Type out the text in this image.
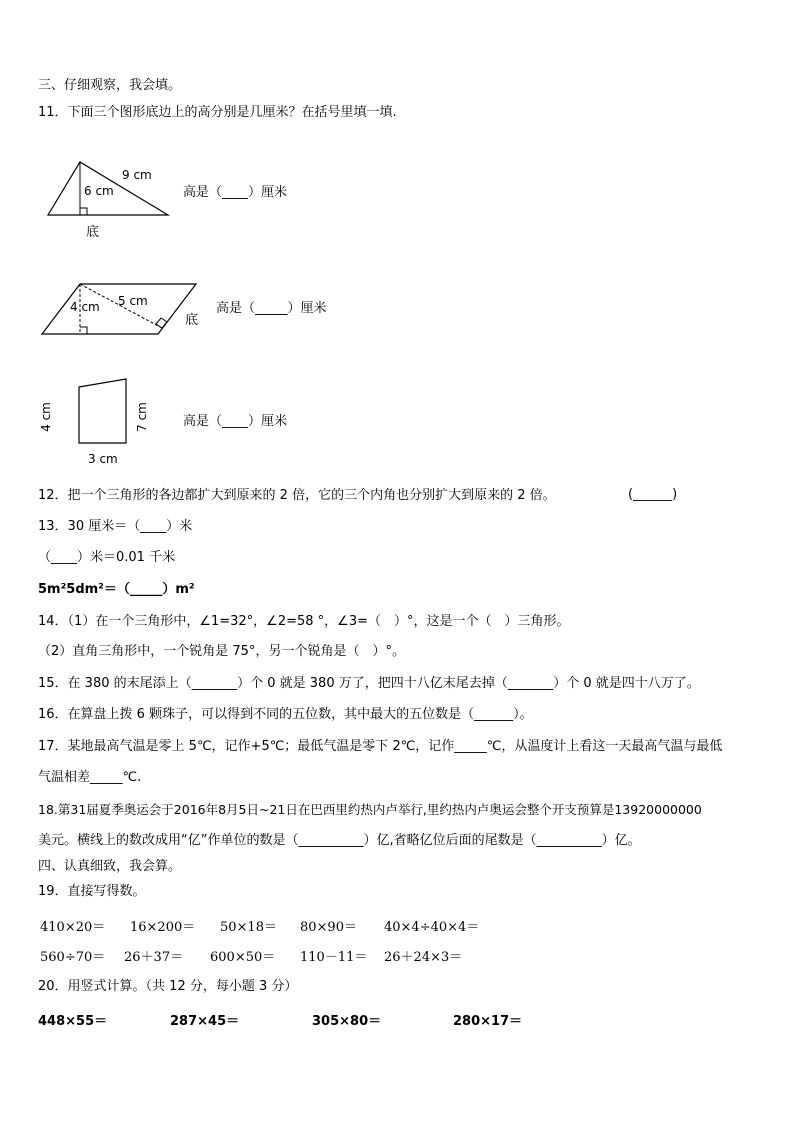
三、仔细观察，我会填。
11．下面三个图形底边上的高分别是几厘米？在括号里填一填.
9 cm
6 cm
底
高是（____）厘米
4 cm 5 cm
底
高是（_____）厘米
4 cm	7 cm
3 cm
高是（____）厘米
12．把一个三角形的各边都扩大到原来的 2 倍，它的三个内角也分别扩大到原来的 2 倍。	(______)
13．30 厘米＝（____）米
（____）米＝0.01 千米
5m²5dm²＝（_____）m²
14．（1）在一个三角形中，∠1=32°，∠2=58 °，∠3=（　）°，这是一个（　）三角形。
（2）直角三角形中，一个锐角是 75°，另一个锐角是（　）°。
15．在 380 的末尾添上（_______）个 0 就是 380 万了，把四十八亿末尾去掉（_______）个 0 就是四十八万了。
16．在算盘上拨 6 颗珠子，可以得到不同的五位数，其中最大的五位数是（______）。
17．某地最高气温是零上 5℃，记作+5℃；最低气温是零下 2℃，记作_____℃，从温度计上看这一天最高气温与最低
气温相差_____℃.
18.第31届夏季奥运会于2016年8月5日~21日在巴西里约热内卢举行,里约热内卢奥运会整个开支预算是13920000000
美元。横线上的数改成用“亿”作单位的数是（__________）亿,省略亿位后面的尾数是（__________）亿。
四、认真细致，我会算。
19．直接写得数。
410×20＝ 16×200＝ 50×18＝ 80×90＝ 40×4÷40×4＝
560÷70＝ 26＋37＝ 600×50＝ 110－11＝ 26＋24×3＝
20．用竖式计算。（共 12 分，每小题 3 分）
448×55＝	287×45＝	305×80＝	280×17＝
